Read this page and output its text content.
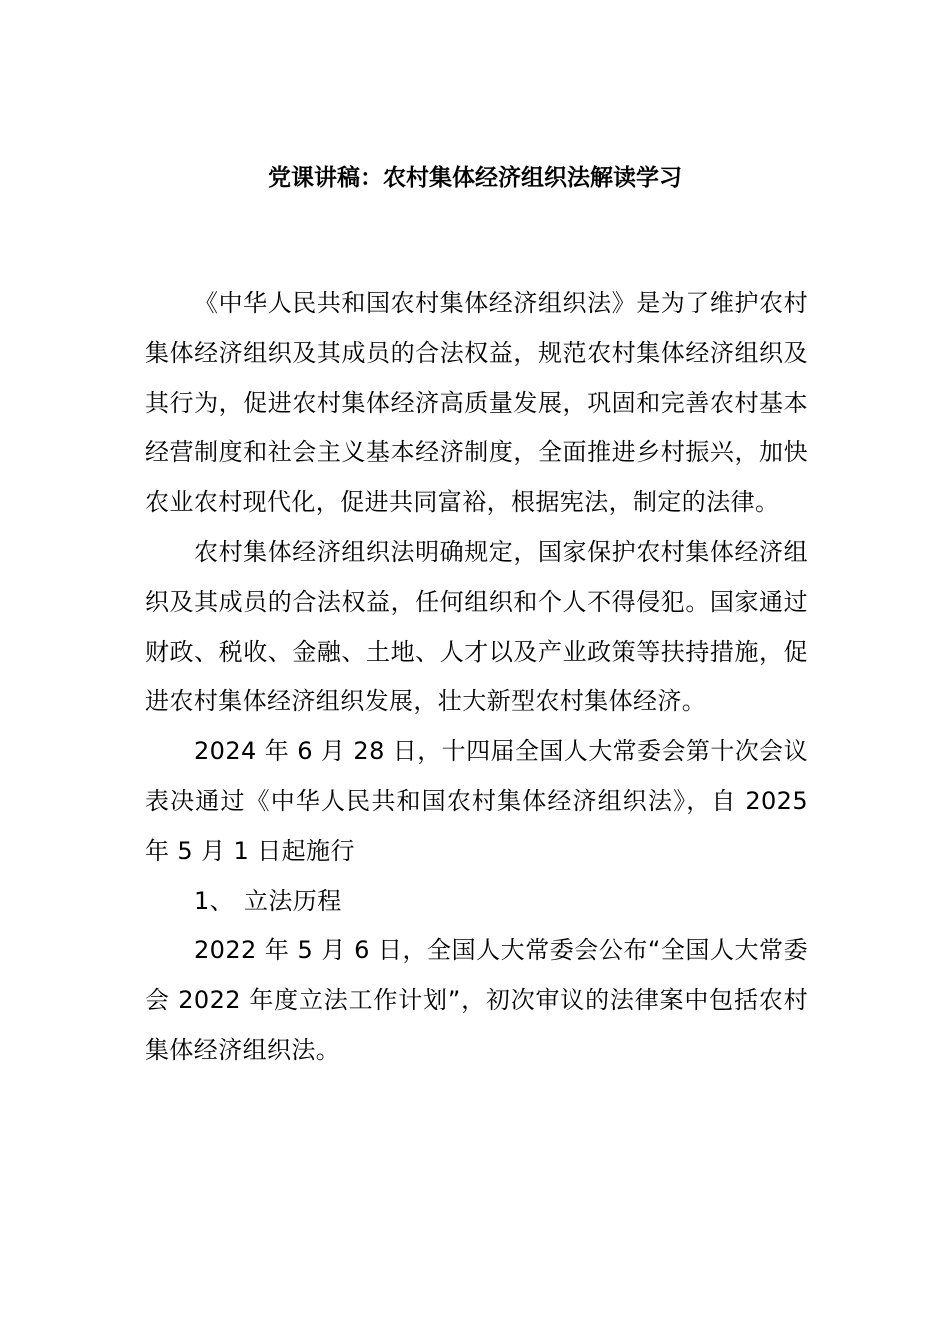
党课讲稿：农村集体经济组织法解读学习

《中华人民共和国农村集体经济组织法》是为了维护农村集体经济组织及其成员的合法权益，规范农村集体经济组织及其行为，促进农村集体经济高质量发展，巩固和完善农村基本经营制度和社会主义基本经济制度，全面推进乡村振兴，加快农业农村现代化，促进共同富裕，根据宪法，制定的法律。

农村集体经济组织法明确规定，国家保护农村集体经济组织及其成员的合法权益，任何组织和个人不得侵犯。国家通过财政、税收、金融、土地、人才以及产业政策等扶持措施，促进农村集体经济组织发展，壮大新型农村集体经济。

2024 年 6 月 28 日，十四届全国人大常委会第十次会议表决通过《中华人民共和国农村集体经济组织法》，自 2025 年 5 月 1 日起施行

1、 立法历程

2022 年 5 月 6 日，全国人大常委会公布“全国人大常委会 2022 年度立法工作计划”，初次审议的法律案中包括农村集体经济组织法。
